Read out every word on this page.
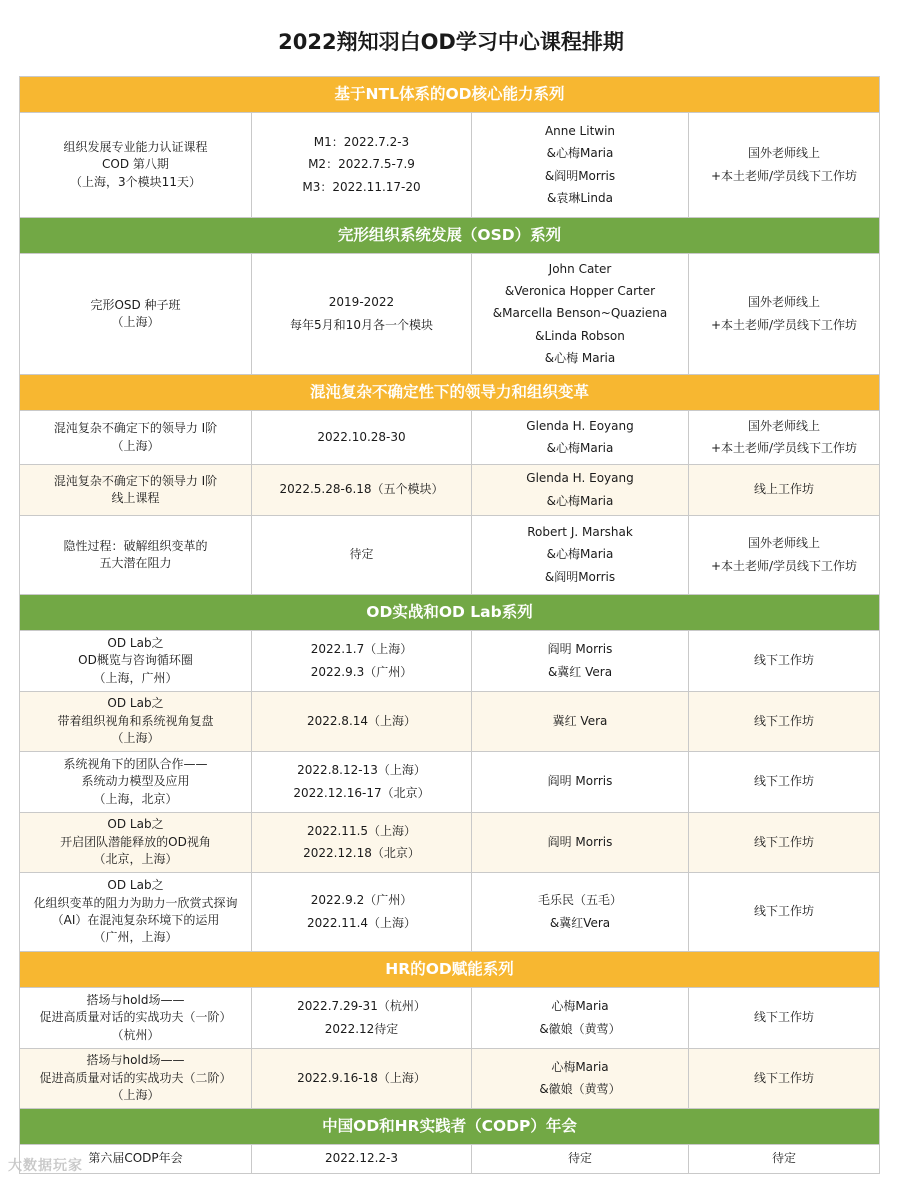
2022翔知羽白OD学习中心课程排期
基于NTL体系的OD核心能力系列			

组织发展专业能力认证课程
COD 第八期
（上海，3个模块11天）	M1：2022.7.2-3
M2：2022.7.5-7.9
M3：2022.11.17-20	Anne Litwin
&心梅Maria
&阎明Morris
&袁琳Linda	国外老师线上
+本土老师/学员线下工作坊

完形组织系统发展（OSD）系列			

完形OSD 种子班
（上海）	2019-2022
每年5月和10月各一个模块	John Cater
&Veronica Hopper Carter
&Marcella Benson~Quaziena
&Linda Robson
&心梅 Maria	国外老师线上
+本土老师/学员线下工作坊

混沌复杂不确定性下的领导力和组织变革			

混沌复杂不确定下的领导力 I阶
（上海）	2022.10.28-30	Glenda H. Eoyang
&心梅Maria	国外老师线上
+本土老师/学员线下工作坊

混沌复杂不确定下的领导力 I阶
线上课程	2022.5.28-6.18（五个模块）	Glenda H. Eoyang
&心梅Maria	线上工作坊

隐性过程：破解组织变革的
五大潜在阻力	待定	Robert J. Marshak
&心梅Maria
&阎明Morris	国外老师线上
+本土老师/学员线下工作坊

OD实战和OD Lab系列			

OD Lab之
OD概览与咨询循环圈
（上海，广州）	2022.1.7（上海）
2022.9.3（广州）	阎明 Morris
&冀红 Vera	线下工作坊

OD Lab之
带着组织视角和系统视角复盘
（上海）	2022.8.14（上海）	冀红 Vera	线下工作坊

系统视角下的团队合作——
系统动力模型及应用
（上海，北京）	2022.8.12-13（上海）
2022.12.16-17（北京）	阎明 Morris	线下工作坊

OD Lab之
开启团队潜能释放的OD视角
（北京，上海）	2022.11.5（上海）
2022.12.18（北京）	阎明 Morris	线下工作坊

OD Lab之
化组织变革的阻力为助力一欣赏式探询
（AI）在混沌复杂环境下的运用
（广州，上海）	2022.9.2（广州）
2022.11.4（上海）	毛乐民（五毛）
&冀红Vera	线下工作坊

HR的OD赋能系列			

搭场与hold场——
促进高质量对话的实战功夫（一阶）
（杭州）	2022.7.29-31（杭州）
2022.12待定	心梅Maria
&徽娘（黄莺）	线下工作坊

搭场与hold场——
促进高质量对话的实战功夫（二阶）
（上海）	2022.9.16-18（上海）	心梅Maria
&徽娘（黄莺）	线下工作坊

中国OD和HR实践者（CODP）年会			

第六届CODP年会	2022.12.2-3	待定	待定
大数据玩家
